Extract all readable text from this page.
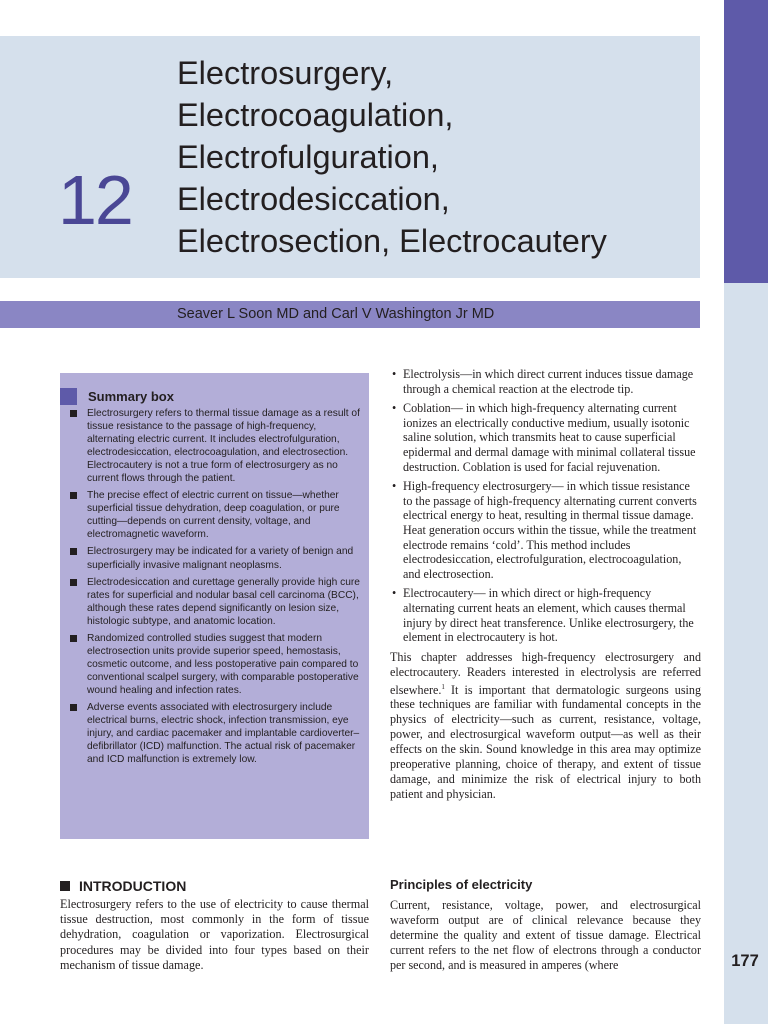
12
Electrosurgery,
Electrocoagulation,
Electrofulguration,
Electrodesiccation,
Electrosection, Electrocautery
Seaver L Soon MD and Carl V Washington Jr MD
Summary box
Electrosurgery refers to thermal tissue damage as a result of tissue resistance to the passage of high-frequency, alternating electric current. It includes electrofulguration, electrodesiccation, electrocoagulation, and electrosection. Electrocautery is not a true form of electrosurgery as no current flows through the patient.
The precise effect of electric current on tissue—whether superficial tissue dehydration, deep coagulation, or pure cutting—depends on current density, voltage, and electromagnetic waveform.
Electrosurgery may be indicated for a variety of benign and superficially invasive malignant neoplasms.
Electrodesiccation and curettage generally provide high cure rates for superficial and nodular basal cell carcinoma (BCC), although these rates depend significantly on lesion size, histologic subtype, and anatomic location.
Randomized controlled studies suggest that modern electrosection units provide superior speed, hemostasis, cosmetic outcome, and less postoperative pain compared to conventional scalpel surgery, with comparable postoperative wound healing and infection rates.
Adverse events associated with electrosurgery include electrical burns, electric shock, infection transmission, eye injury, and cardiac pacemaker and implantable cardioverter–defibrillator (ICD) malfunction. The actual risk of pacemaker and ICD malfunction is extremely low.
INTRODUCTION

Electrosurgery refers to the use of electricity to cause thermal tissue destruction, most commonly in the form of tissue dehydration, coagulation or vaporization. Electrosurgical procedures may be divided into four types based on their mechanism of tissue damage.

• Electrolysis—in which direct current induces tissue damage through a chemical reaction at the electrode tip.
• Coblation— in which high-frequency alternating current ionizes an electrically conductive medium, usually isotonic saline solution, which transmits heat to cause superficial epidermal and dermal damage with minimal collateral tissue destruction. Coblation is used for facial rejuvenation.
• High-frequency electrosurgery— in which tissue resistance to the passage of high-frequency alternating current converts electrical energy to heat, resulting in thermal tissue damage. Heat generation occurs within the tissue, while the treatment electrode remains ‘cold’. This method includes electrodesiccation, electrofulguration, electrocoagulation, and electrosection.
• Electrocautery— in which direct or high-frequency alternating current heats an element, which causes thermal injury by direct heat transference. Unlike electrosurgery, the element in electrocautery is hot.

This chapter addresses high-frequency electrosurgery and electrocautery. Readers interested in electrolysis are referred elsewhere.$^1$ It is important that dermatologic surgeons using these techniques are familiar with fundamental concepts in the physics of electricity—such as current, resistance, voltage, power, and electrosurgical waveform output—as well as their effects on the skin. Sound knowledge in this area may optimize preoperative planning, choice of therapy, and extent of tissue damage, and minimize the risk of electrical injury to both patient and physician.

Principles of electricity

Current, resistance, voltage, power, and electrosurgical waveform output are of clinical relevance because they determine the quality and extent of tissue damage. Electrical current refers to the net flow of electrons through a conductor per second, and is measured in amperes (where	177
